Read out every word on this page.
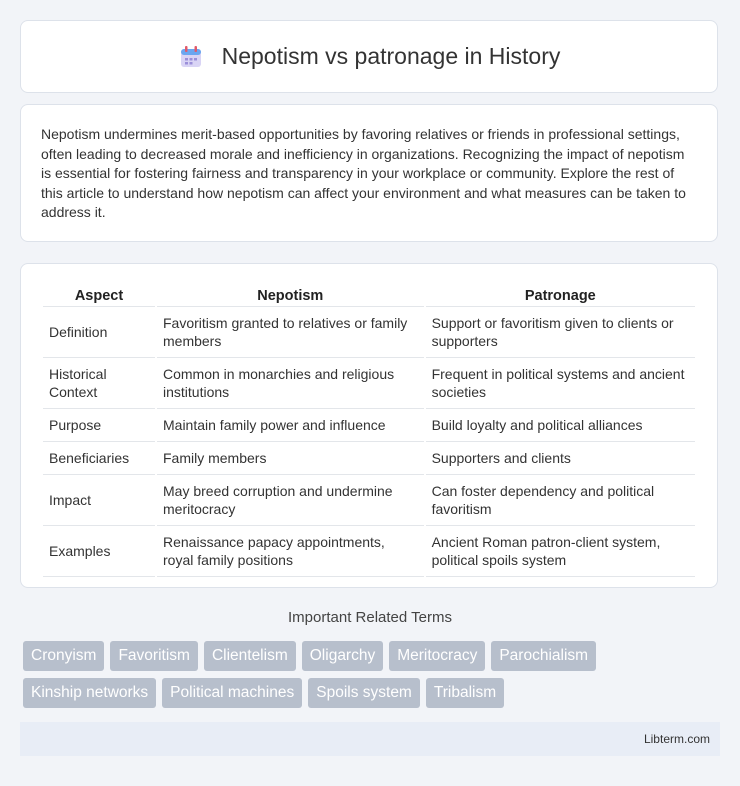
Nepotism vs patronage in History

Nepotism undermines merit-based opportunities by favoring relatives or friends in professional settings, often leading to decreased morale and inefficiency in organizations. Recognizing the impact of nepotism is essential for fostering fairness and transparency in your workplace or community. Explore the rest of this article to understand how nepotism can affect your environment and what measures can be taken to address it.

Aspect	Nepotism	Patronage
Definition	Favoritism granted to relatives or family members	Support or favoritism given to clients or supporters
Historical Context	Common in monarchies and religious institutions	Frequent in political systems and ancient societies
Purpose	Maintain family power and influence	Build loyalty and political alliances
Beneficiaries	Family members	Supporters and clients
Impact	May breed corruption and undermine meritocracy	Can foster dependency and political favoritism
Examples	Renaissance papacy appointments, royal family positions	Ancient Roman patron-client system, political spoils system
Important Related Terms
Cronyism	Favoritism	Clientelism	Oligarchy	Meritocracy	Parochialism
Kinship networks	Political machines	Spoils system	Tribalism
Libterm.com
